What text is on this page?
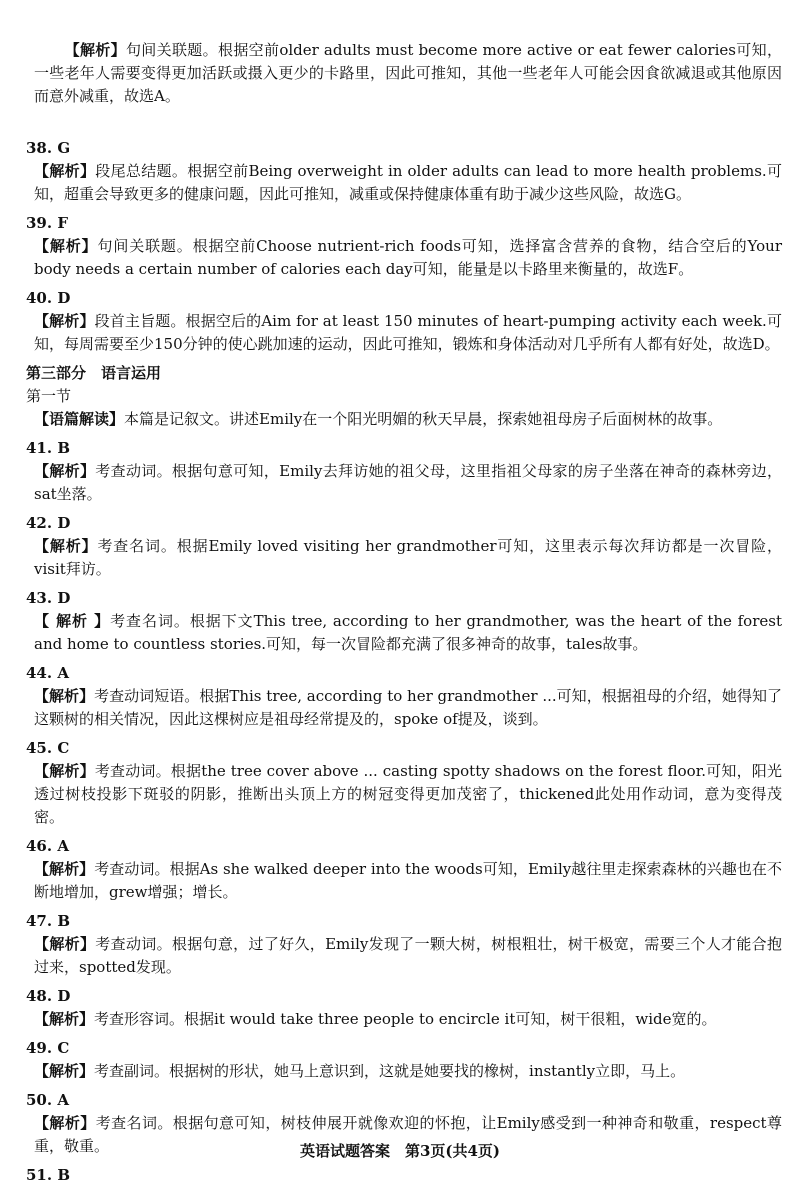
【解析】句间关联题。根据空前older adults must become more active or eat fewer calories可知，一些老年人需要变得更加活跃或摄入更少的卡路里，因此可推知，其他一些老年人可能会因食欲减退或其他原因而意外减重，故选A。

38. G
【解析】段尾总结题。根据空前Being overweight in older adults can lead to more health problems.可知，超重会导致更多的健康问题，因此可推知，减重或保持健康体重有助于减少这些风险，故选G。
39. F
【解析】句间关联题。根据空前Choose nutrient-rich foods可知，选择富含营养的食物，结合空后的Your body needs a certain number of calories each day可知，能量是以卡路里来衡量的，故选F。
40. D
【解析】段首主旨题。根据空后的Aim for at least 150 minutes of heart-pumping activity each week.可知，每周需要至少150分钟的使心跳加速的运动，因此可推知，锻炼和身体活动对几乎所有人都有好处，故选D。
第三部分　语言运用
第一节
【语篇解读】本篇是记叙文。讲述Emily在一个阳光明媚的秋天早晨，探索她祖母房子后面树林的故事。
41. B
【解析】考查动词。根据句意可知，Emily去拜访她的祖父母，这里指祖父母家的房子坐落在神奇的森林旁边，sat坐落。
42. D
【解析】考查名词。根据Emily loved visiting her grandmother可知，这里表示每次拜访都是一次冒险，visit拜访。
43. D
【 解析 】考查名词。根据下文This tree, according to her grandmother, was the heart of the forest and home to countless stories.可知，每一次冒险都充满了很多神奇的故事，tales故事。
44. A
【解析】考查动词短语。根据This tree, according to her grandmother ...可知，根据祖母的介绍，她得知了这颗树的相关情况，因此这棵树应是祖母经常提及的，spoke of提及，谈到。
45. C
【解析】考查动词。根据the tree cover above ... casting spotty shadows on the forest floor.可知，阳光透过树枝投影下斑驳的阴影，推断出头顶上方的树冠变得更加茂密了，thickened此处用作动词，意为变得茂密。
46. A
【解析】考查动词。根据As she walked deeper into the woods可知，Emily越往里走探索森林的兴趣也在不断地增加，grew增强；增长。
47. B
【解析】考查动词。根据句意，过了好久，Emily发现了一颗大树，树根粗壮，树干极宽，需要三个人才能合抱过来，spotted发现。
48. D
【解析】考查形容词。根据it would take three people to encircle it可知，树干很粗，wide宽的。
49. C
【解析】考查副词。根据树的形状，她马上意识到，这就是她要找的橡树，instantly立即，马上。
50. A
【解析】考查名词。根据句意可知，树枝伸展开就像欢迎的怀抱，让Emily感受到一种神奇和敬重，respect尊重，敬重。
51. B
英语试题答案　第3页(共4页)
